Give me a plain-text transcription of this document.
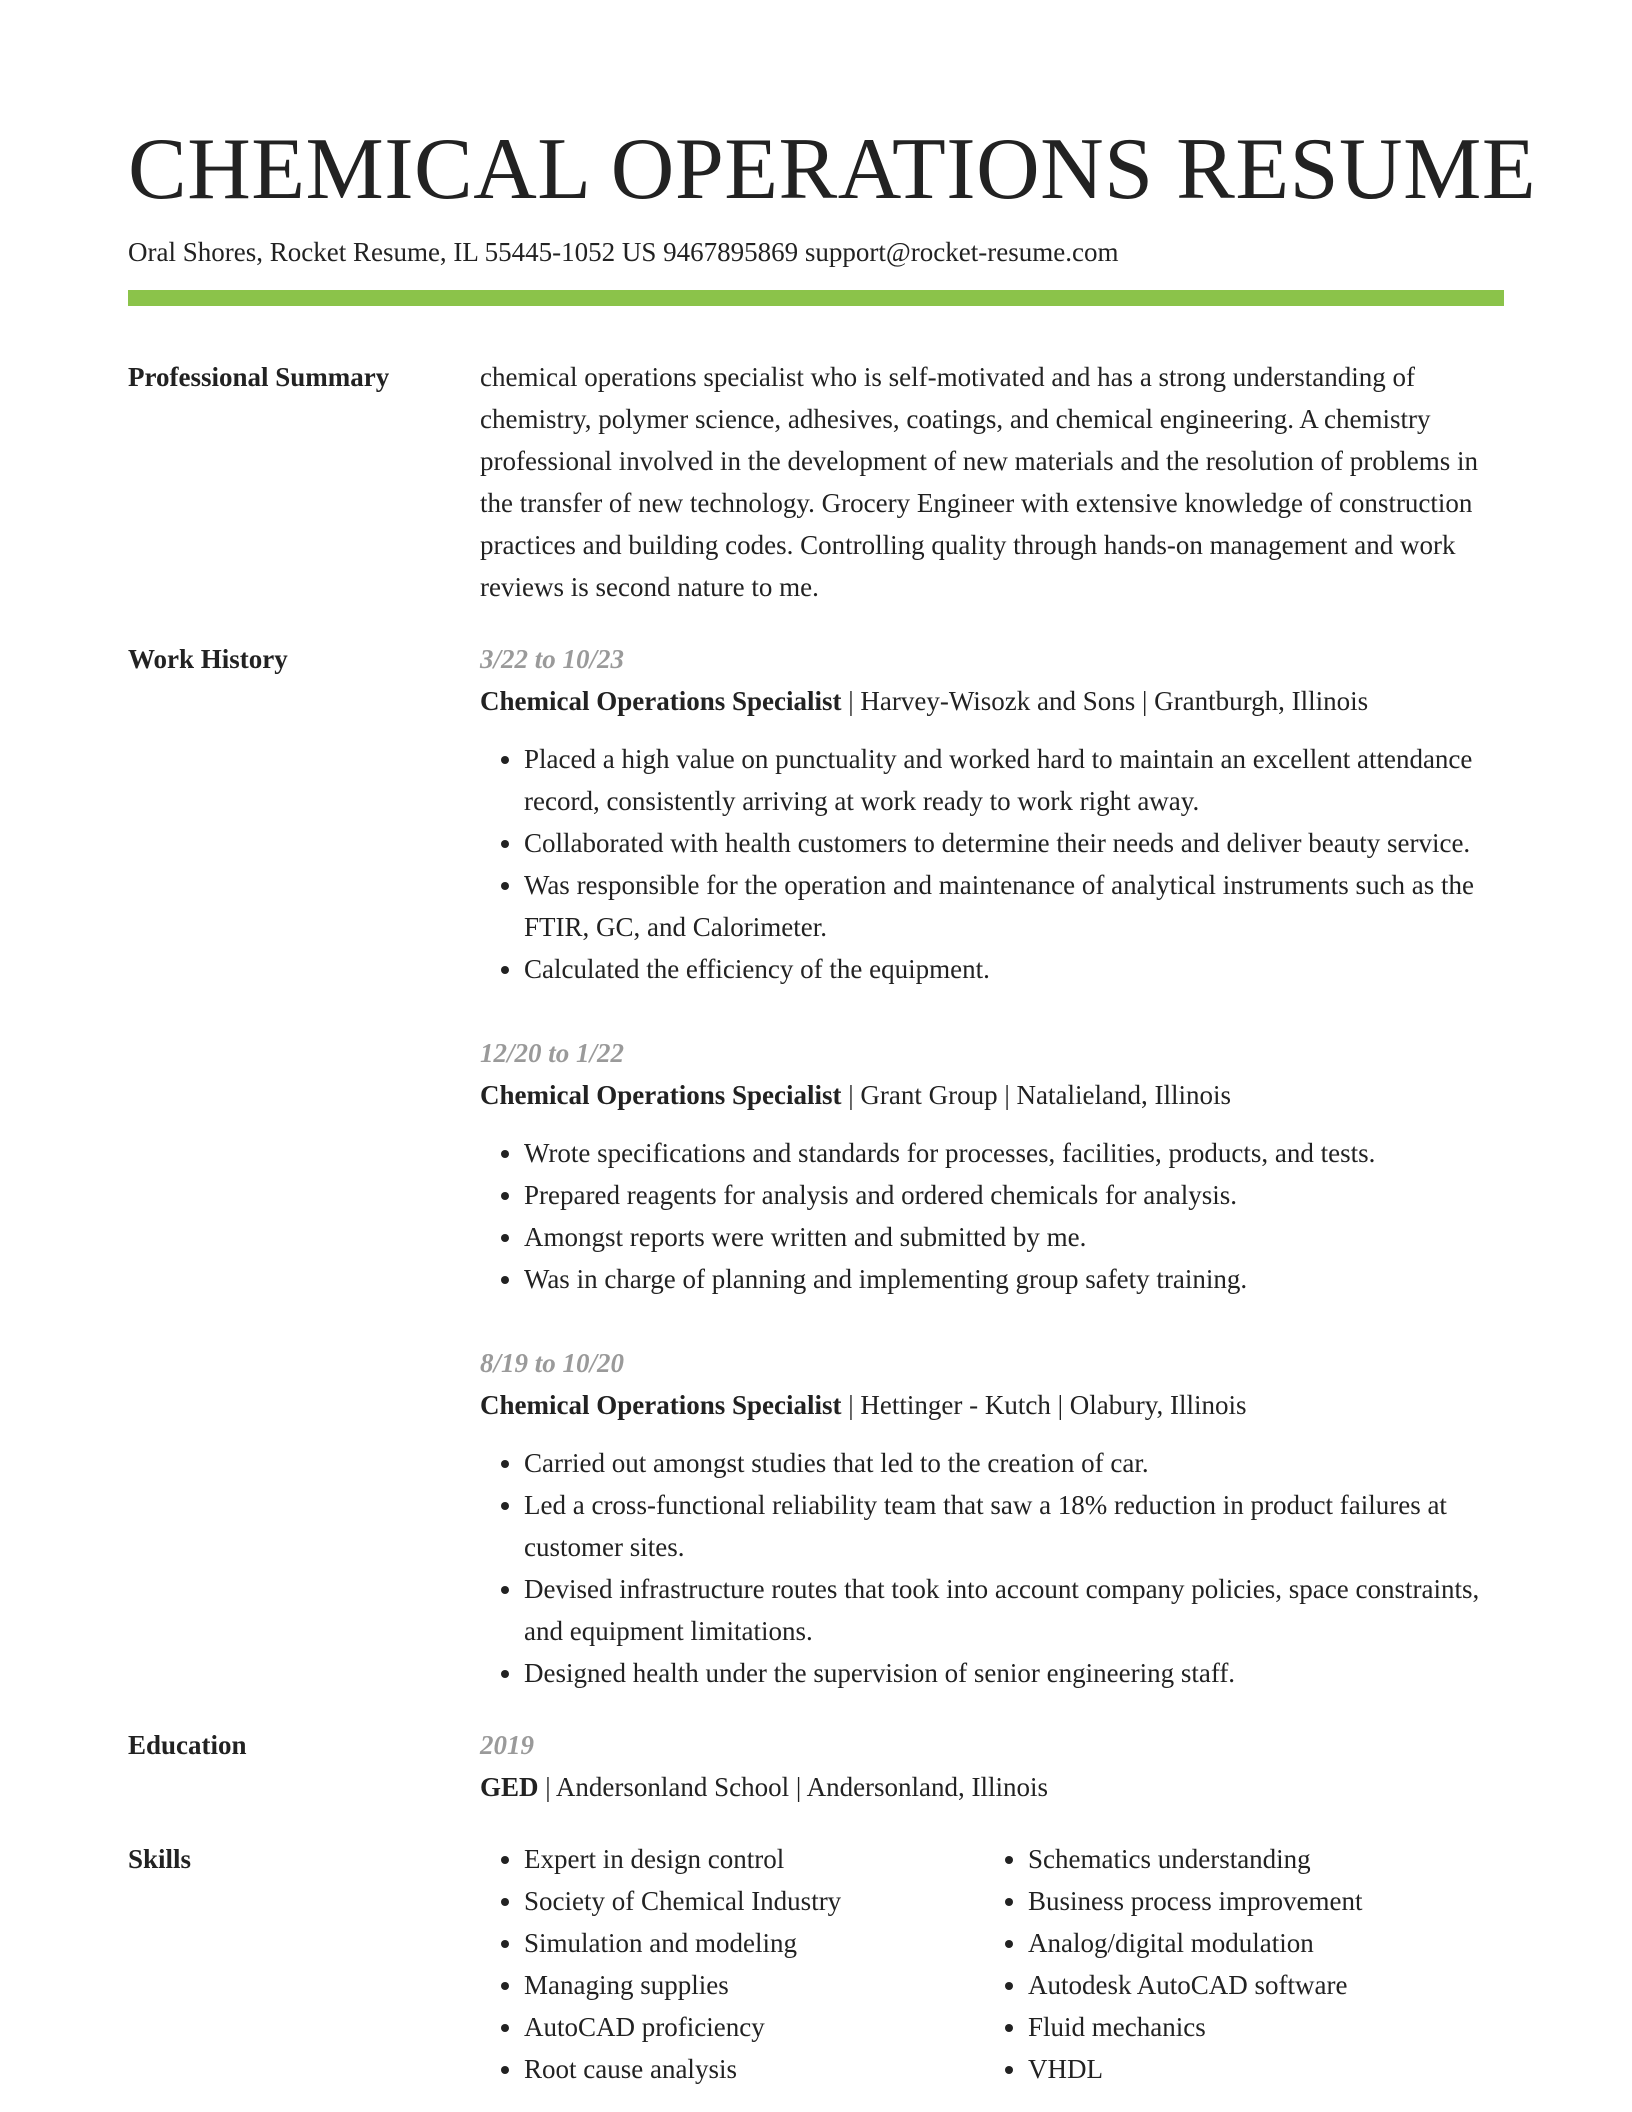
CHEMICAL OPERATIONS RESUME
Oral Shores, Rocket Resume, IL 55445-1052 US 9467895869 support@rocket-resume.com
Professional Summary	chemical operations specialist who is self-motivated and has a strong understanding of chemistry, polymer science, adhesives, coatings, and chemical engineering. A chemistry professional involved in the development of new materials and the resolution of problems in the transfer of new technology. Grocery Engineer with extensive knowledge of construction practices and building codes. Controlling quality through hands-on management and work reviews is second nature to me.
Work History	3/22 to 10/23
Chemical Operations Specialist | Harvey-Wisozk and Sons | Grantburgh, Illinois
• Placed a high value on punctuality and worked hard to maintain an excellent attendance record, consistently arriving at work ready to work right away.
• Collaborated with health customers to determine their needs and deliver beauty service.
• Was responsible for the operation and maintenance of analytical instruments such as the FTIR, GC, and Calorimeter.
• Calculated the efficiency of the equipment.
12/20 to 1/22
Chemical Operations Specialist | Grant Group | Natalieland, Illinois
• Wrote specifications and standards for processes, facilities, products, and tests.
• Prepared reagents for analysis and ordered chemicals for analysis.
• Amongst reports were written and submitted by me.
• Was in charge of planning and implementing group safety training.
8/19 to 10/20
Chemical Operations Specialist | Hettinger - Kutch | Olabury, Illinois
• Carried out amongst studies that led to the creation of car.
• Led a cross-functional reliability team that saw a 18% reduction in product failures at customer sites.
• Devised infrastructure routes that took into account company policies, space constraints, and equipment limitations.
• Designed health under the supervision of senior engineering staff.
Education	2019
GED | Andersonland School | Andersonland, Illinois
Skills
•	Expert in design control
• Society of Chemical Industry
• Simulation and modeling
• Managing supplies
• AutoCAD proficiency
• Root cause analysis
• Schematics understanding
• Business process improvement
• Analog/digital modulation
• Autodesk AutoCAD software
• Fluid mechanics
• VHDL
